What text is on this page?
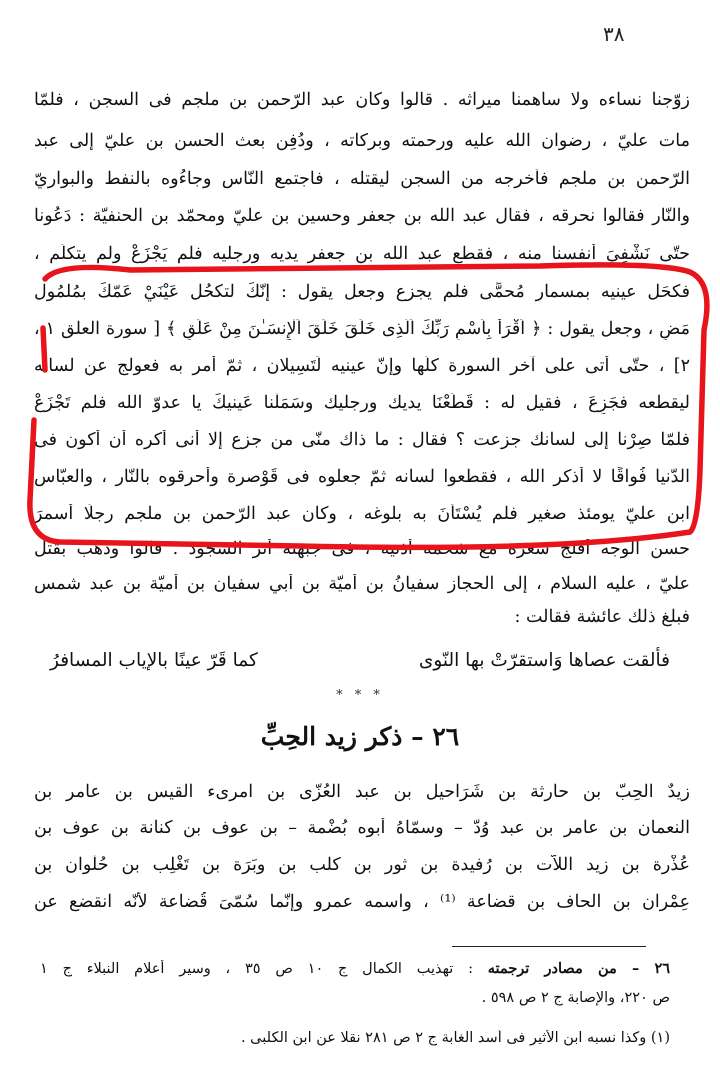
٣٨
زوّجنا نساءه ولا ساهمنا ميراثه . قالوا وكان عبد الرّحمن بن ملجم فى السجن ، فلمّا
مات عليّ ، رضوان الله عليه ورحمته وبركاته ، ودُفِن بعث الحسن بن عليّ إلى عبد
الرّحمن بن ملجم فأخرجه من السجن ليقتله ، فاجتمع النّاس وجاءُوه بالنفط والبواريّ
والنّار فقالوا نحرقه ، فقال عبد الله بن جعفر وحسين بن عليّ ومحمّد بن الحنفيّة : دَعُونا
حتّى نَشْفِيَ أنفسنا منه ، فقطع عبد الله بن جعفر يديه ورجليه فلم يَجْزَعْ ولم يتكلّم ،
فكحَل عينيه بمسمار مُحمًّى فلم يجزع وجعل يقول : إنّكَ لتكحُل عَيْنَيْ عَمّكَ بمُلمُول
مَضٍ ، وجعل يقول : ﴿ اَقْرَأْ بِاَسْمِ رَبِّكَ اَلَّذِى خَلَقَ خَلَقَ اَلْإِنسَـٰنَ مِنْ عَلَقٍ ﴾ [ سورة العلق ١ ،
٢] ، حتّى أتى على آخر السورة كلّها وإنّ عينيه لَتَسِيلان ، ثمّ أمر به فعولج عن لسانه
ليقطعه فجَزِعَ ، فقيل له : قَطَعْنَا يديك ورجليك وسَمَلْنا عَينيكَ يا عدوّ الله فلم تَجْزَعْ
فلمّا صِرْنا إلى لسانك جزعت ؟ فقال : ما ذاك منّى من جزع إلا أنى أكره أن أكون فى
الدّنيا فُواقًا لا أذكر الله ، فقطعوا لسانه ثمّ جعلوه فى قَوْصرة وأحرقوه بالنّار ، والعبّاس
ابن عليّ يومئذ صغير فلم يُسْتَأْنَ به بلوغه ، وكان عبد الرّحمن بن ملجم رجلًا أسمرَ
حسن الوجه أفلج شعره مع شحمة أذنيه ، فى جبهته أثر السجود . قالوا وذهب بقتل
عليّ ، عليه السلام ، إلى الحجاز سفيانُ بن أميّة بن أبي سفيان بن أميّة بن عبد شمس
فبلغ ذلك عائشة فقالت :
فألقت عصاها وَاستقرّتْ بها النّوى
كما قَرّ عينًا بالإياب المسافرُ
* * *
٢٦ – ذكر زيد الحِبِّ
زيدٌ الحِبّ بن حارثة بن شَرَاحيل بن عبد العُزّى بن امرىء القيس بن عامر بن
النعمان بن عامر بن عبد وُدّ – وسمّاهُ أبوه بُضْمة – بن عوف بن كنانة بن عوف بن
عُذْرة بن زيد اللاّت بن رُفيدة بن ثور بن كلب بن وبَرَة بن تَغْلِب بن حُلْوان بن
عِمْران بن الحاف بن قضاعة ⁽¹⁾ ، واسمه عمرو وإنّما سُمّىَ قُضاعة لأنّه انقضع عن
٢٦ – من مصادر ترجمته : تهذيب الكمال ج ١٠ ص ٣٥ ، وسير أعلام النبلاء ج ١
ص ٢٢٠، والإصابة ج ٢ ص ٥٩٨ .
(١) وكذا نسبه ابن الأثير فى أسد الغابة ج ٢ ص ٢٨١ نقلا عن ابن الكلبى .
